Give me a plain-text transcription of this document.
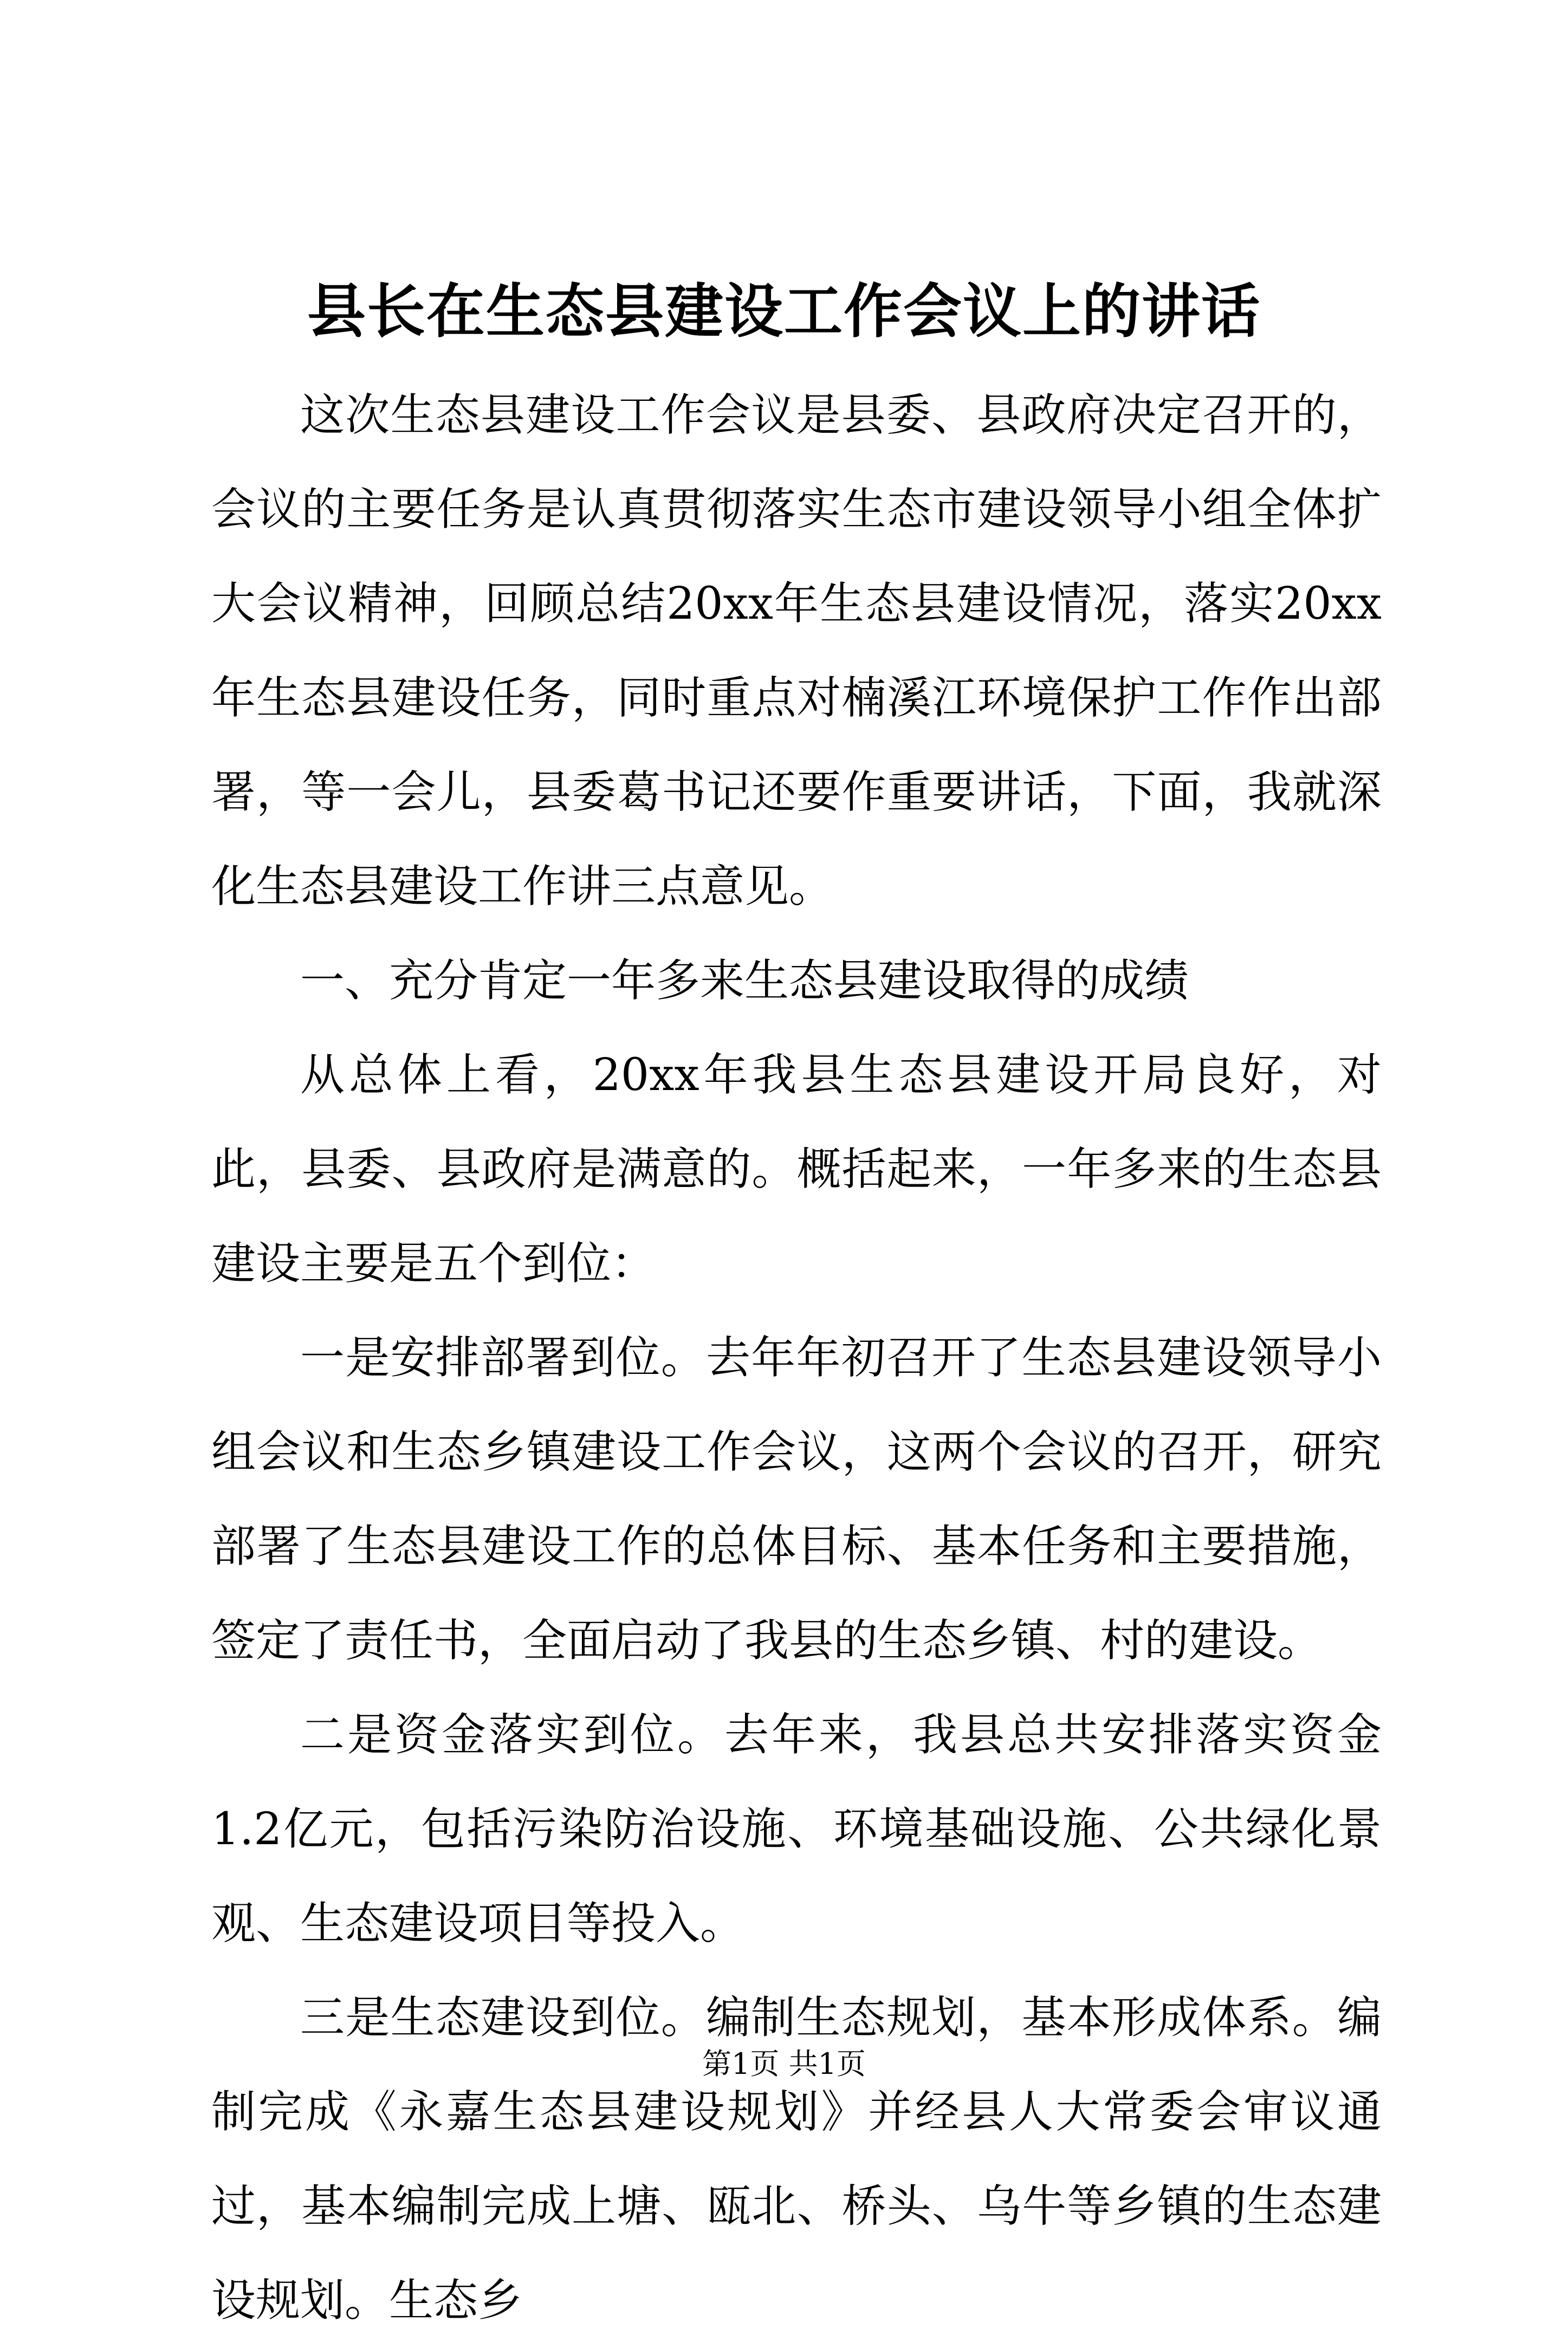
县长在生态县建设工作会议上的讲话

这次生态县建设工作会议是县委、县政府决定召开的，会议的主要任务是认真贯彻落实生态市建设领导小组全体扩大会议精神，回顾总结20xx年生态县建设情况，落实20xx年生态县建设任务，同时重点对楠溪江环境保护工作作出部署，等一会儿，县委葛书记还要作重要讲话，下面，我就深化生态县建设工作讲三点意见。

一、充分肯定一年多来生态县建设取得的成绩

从总体上看，20xx年我县生态县建设开局良好，对此，县委、县政府是满意的。概括起来，一年多来的生态县建设主要是五个到位：

一是安排部署到位。去年年初召开了生态县建设领导小组会议和生态乡镇建设工作会议，这两个会议的召开，研究部署了生态县建设工作的总体目标、基本任务和主要措施，签定了责任书，全面启动了我县的生态乡镇、村的建设。

二是资金落实到位。去年来，我县总共安排落实资金1.2亿元，包括污染防治设施、环境基础设施、公共绿化景观、生态建设项目等投入。

三是生态建设到位。编制生态规划，基本形成体系。编制完成《永嘉生态县建设规划》并经县人大常委会审议通过，基本编制完成上塘、瓯北、桥头、乌牛等乡镇的生态建设规划。生态乡

第1页 共1页
